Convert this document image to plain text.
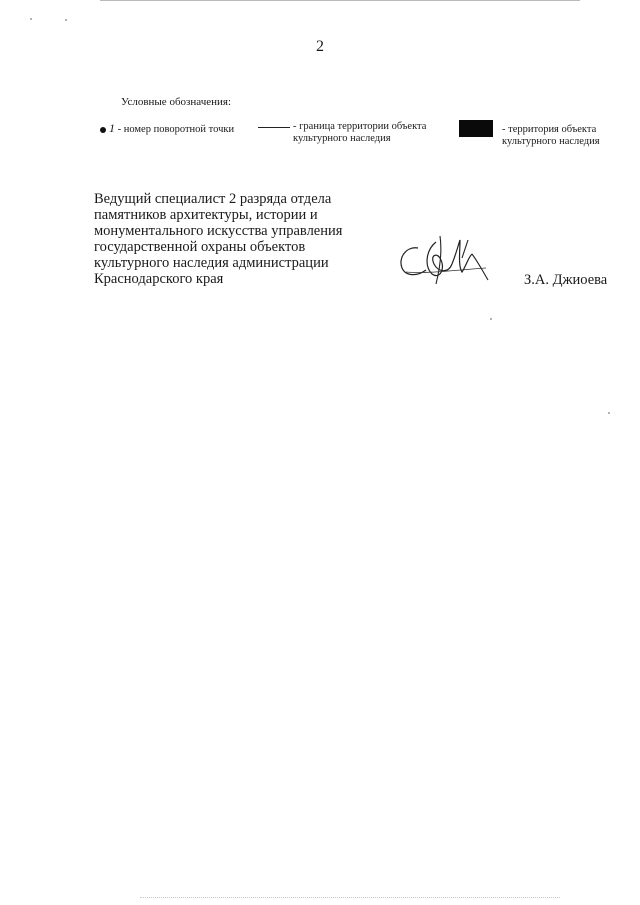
2
Условные обозначения:
1 - номер поворотной точки	- граница территории объекта культурного наследия
- территория объекта культурного наследия
Ведущий специалист 2 разряда отдела памятников архитектуры, истории и монументального искусства управления государственной охраны объектов культурного наследия администрации Краснодарского края	З.А. Джиоева
